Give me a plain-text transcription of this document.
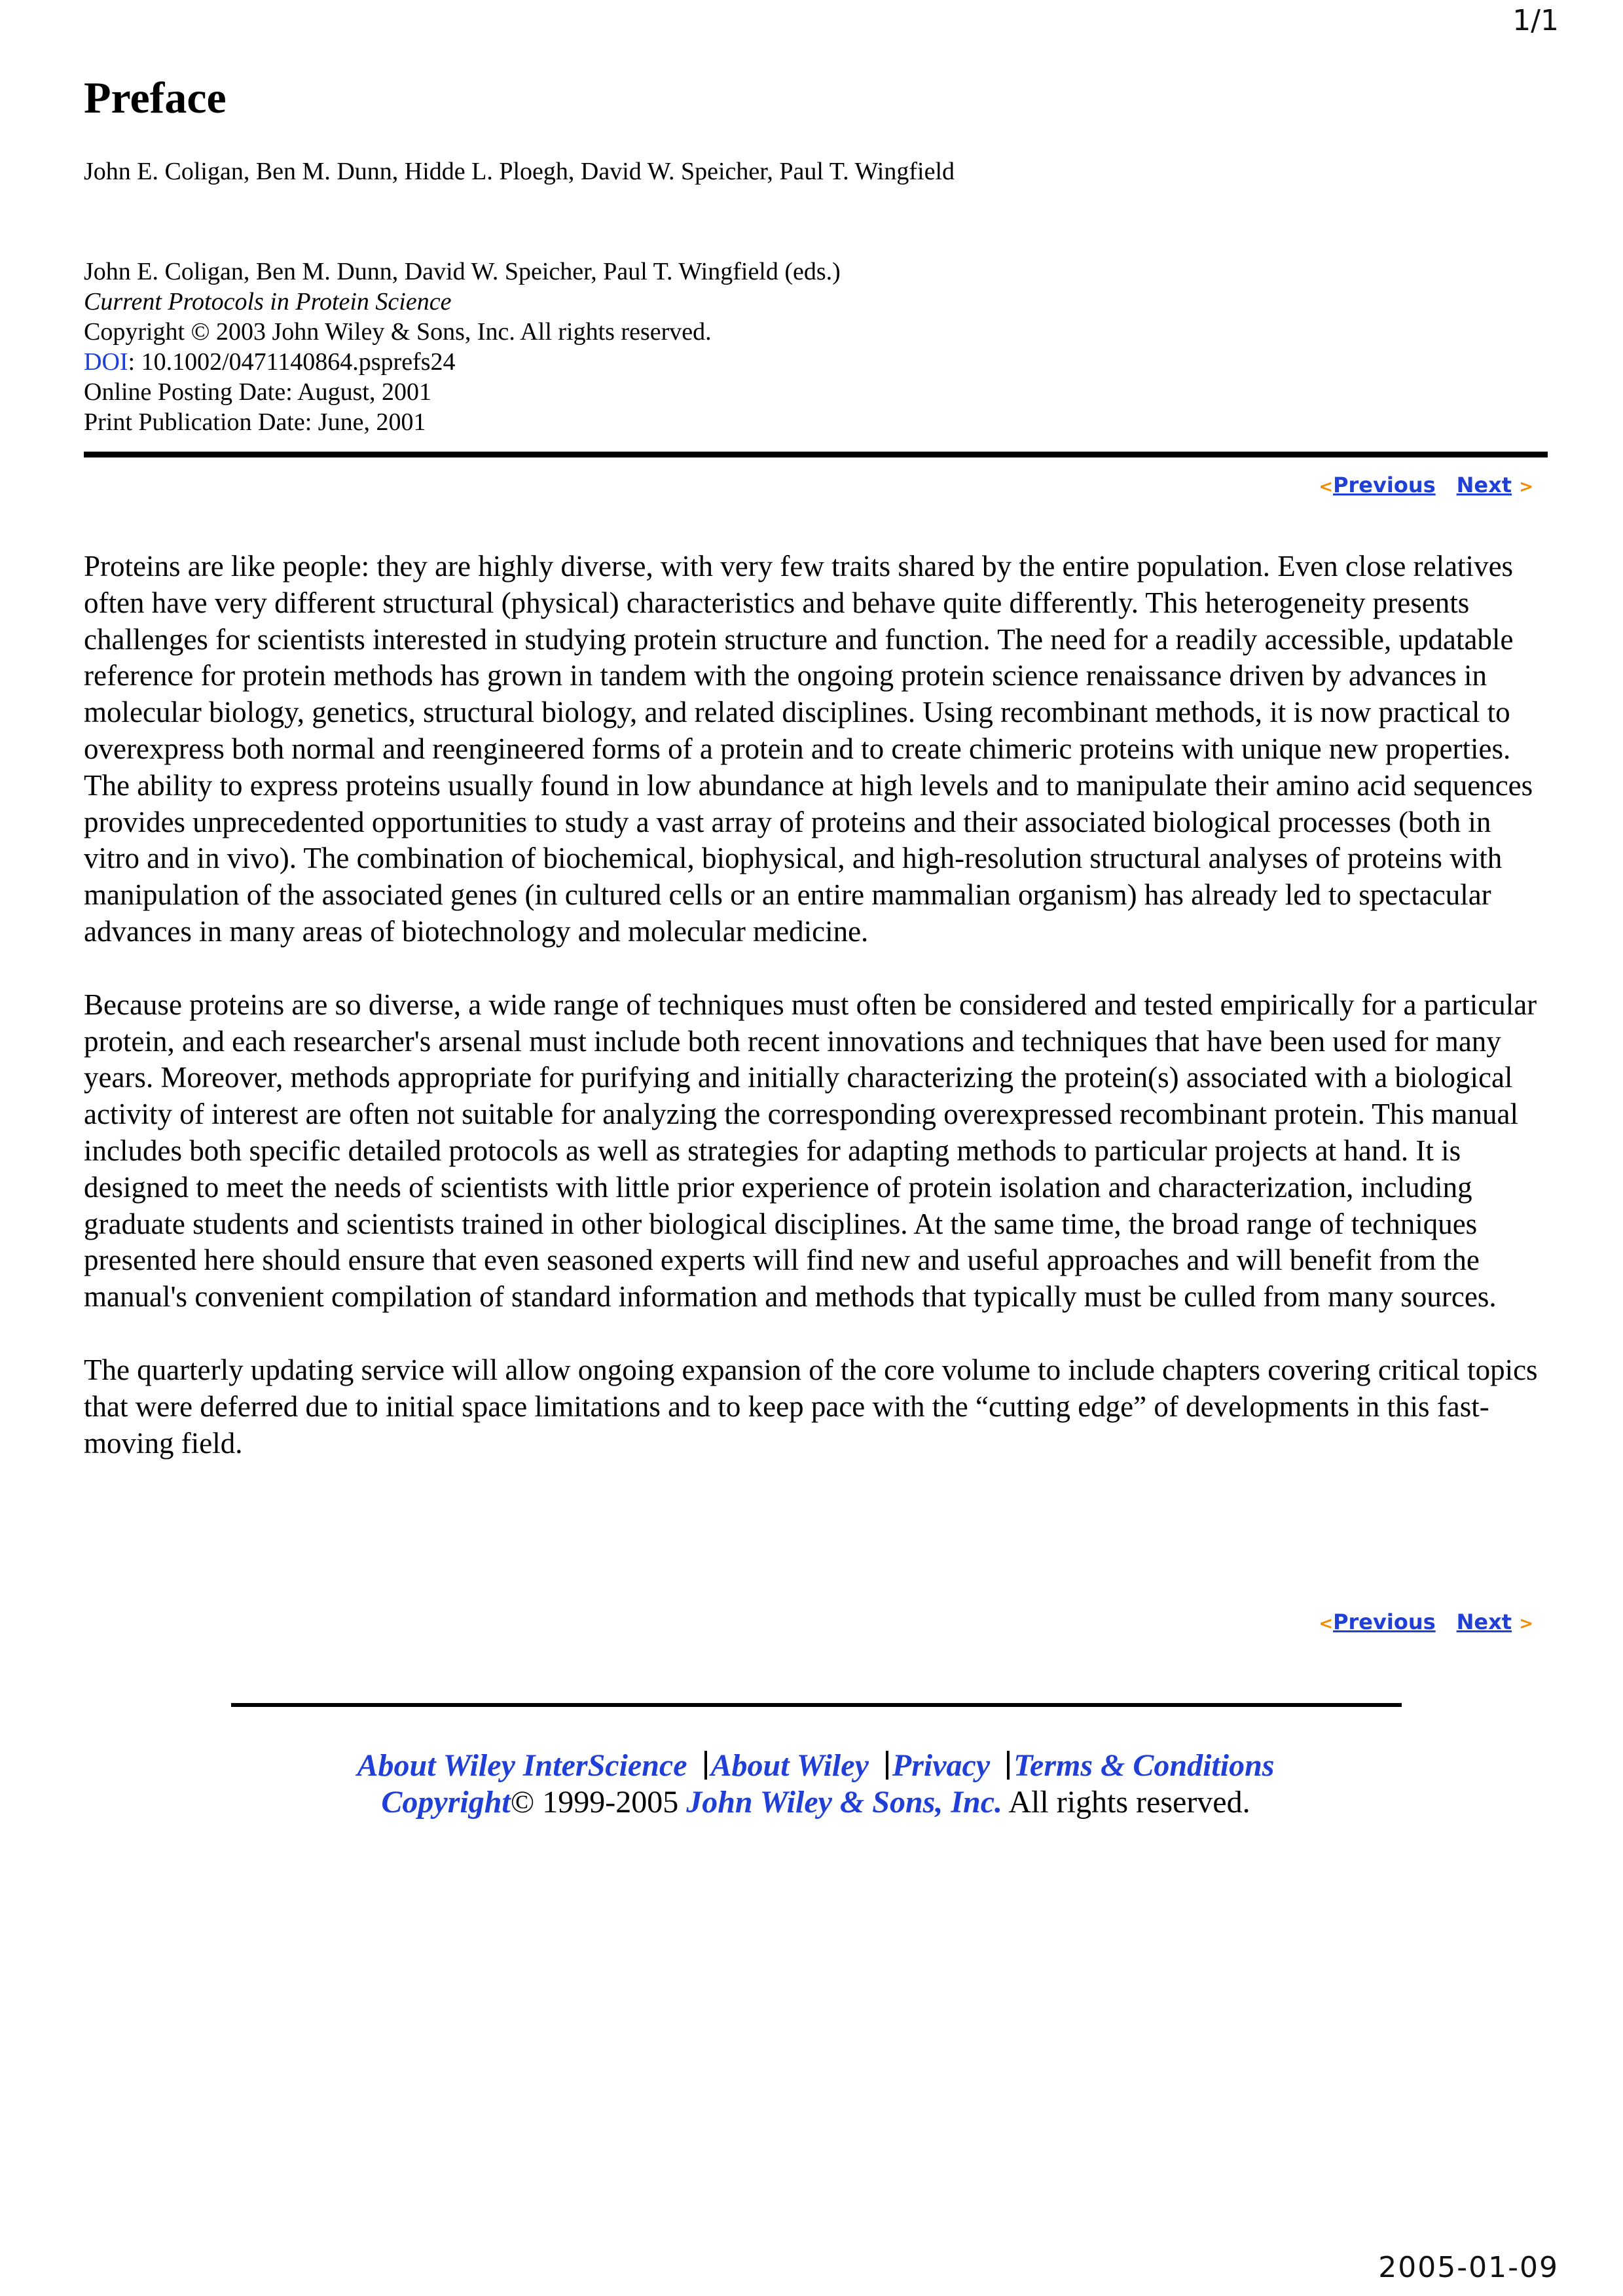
1/1
Preface
John E. Coligan, Ben M. Dunn, Hidde L. Ploegh, David W. Speicher, Paul T. Wingfield
John E. Coligan, Ben M. Dunn, David W. Speicher, Paul T. Wingfield (eds.)
Current Protocols in Protein Science
Copyright © 2003 John Wiley & Sons, Inc. All rights reserved.
DOI: 10.1002/0471140864.psprefs24
Online Posting Date: August, 2001
Print Publication Date: June, 2001
<Previous Next >

Proteins are like people: they are highly diverse, with very few traits shared by the entire population. Even close relatives often have very different structural (physical) characteristics and behave quite differently. This heterogeneity presents challenges for scientists interested in studying protein structure and function. The need for a readily accessible, updatable reference for protein methods has grown in tandem with the ongoing protein science renaissance driven by advances in molecular biology, genetics, structural biology, and related disciplines. Using recombinant methods, it is now practical to overexpress both normal and reengineered forms of a protein and to create chimeric proteins with unique new properties. The ability to express proteins usually found in low abundance at high levels and to manipulate their amino acid sequences provides unprecedented opportunities to study a vast array of proteins and their associated biological processes (both in vitro and in vivo). The combination of biochemical, biophysical, and high-resolution structural analyses of proteins with manipulation of the associated genes (in cultured cells or an entire mammalian organism) has already led to spectacular advances in many areas of biotechnology and molecular medicine.

Because proteins are so diverse, a wide range of techniques must often be considered and tested empirically for a particular protein, and each researcher's arsenal must include both recent innovations and techniques that have been used for many years. Moreover, methods appropriate for purifying and initially characterizing the protein(s) associated with a biological activity of interest are often not suitable for analyzing the corresponding overexpressed recombinant protein. This manual includes both specific detailed protocols as well as strategies for adapting methods to particular projects at hand. It is designed to meet the needs of scientists with little prior experience of protein isolation and characterization, including graduate students and scientists trained in other biological disciplines. At the same time, the broad range of techniques presented here should ensure that even seasoned experts will find new and useful approaches and will benefit from the manual's convenient compilation of standard information and methods that typically must be culled from many sources.

The quarterly updating service will allow ongoing expansion of the core volume to include chapters covering critical topics that were deferred due to initial space limitations and to keep pace with the “cutting edge” of developments in this fast-moving field.

<Previous Next >
About Wiley InterScience About Wiley Privacy Terms & Conditions
Copyright© 1999-2005 John Wiley & Sons, Inc. All rights reserved.
2005-01-09
